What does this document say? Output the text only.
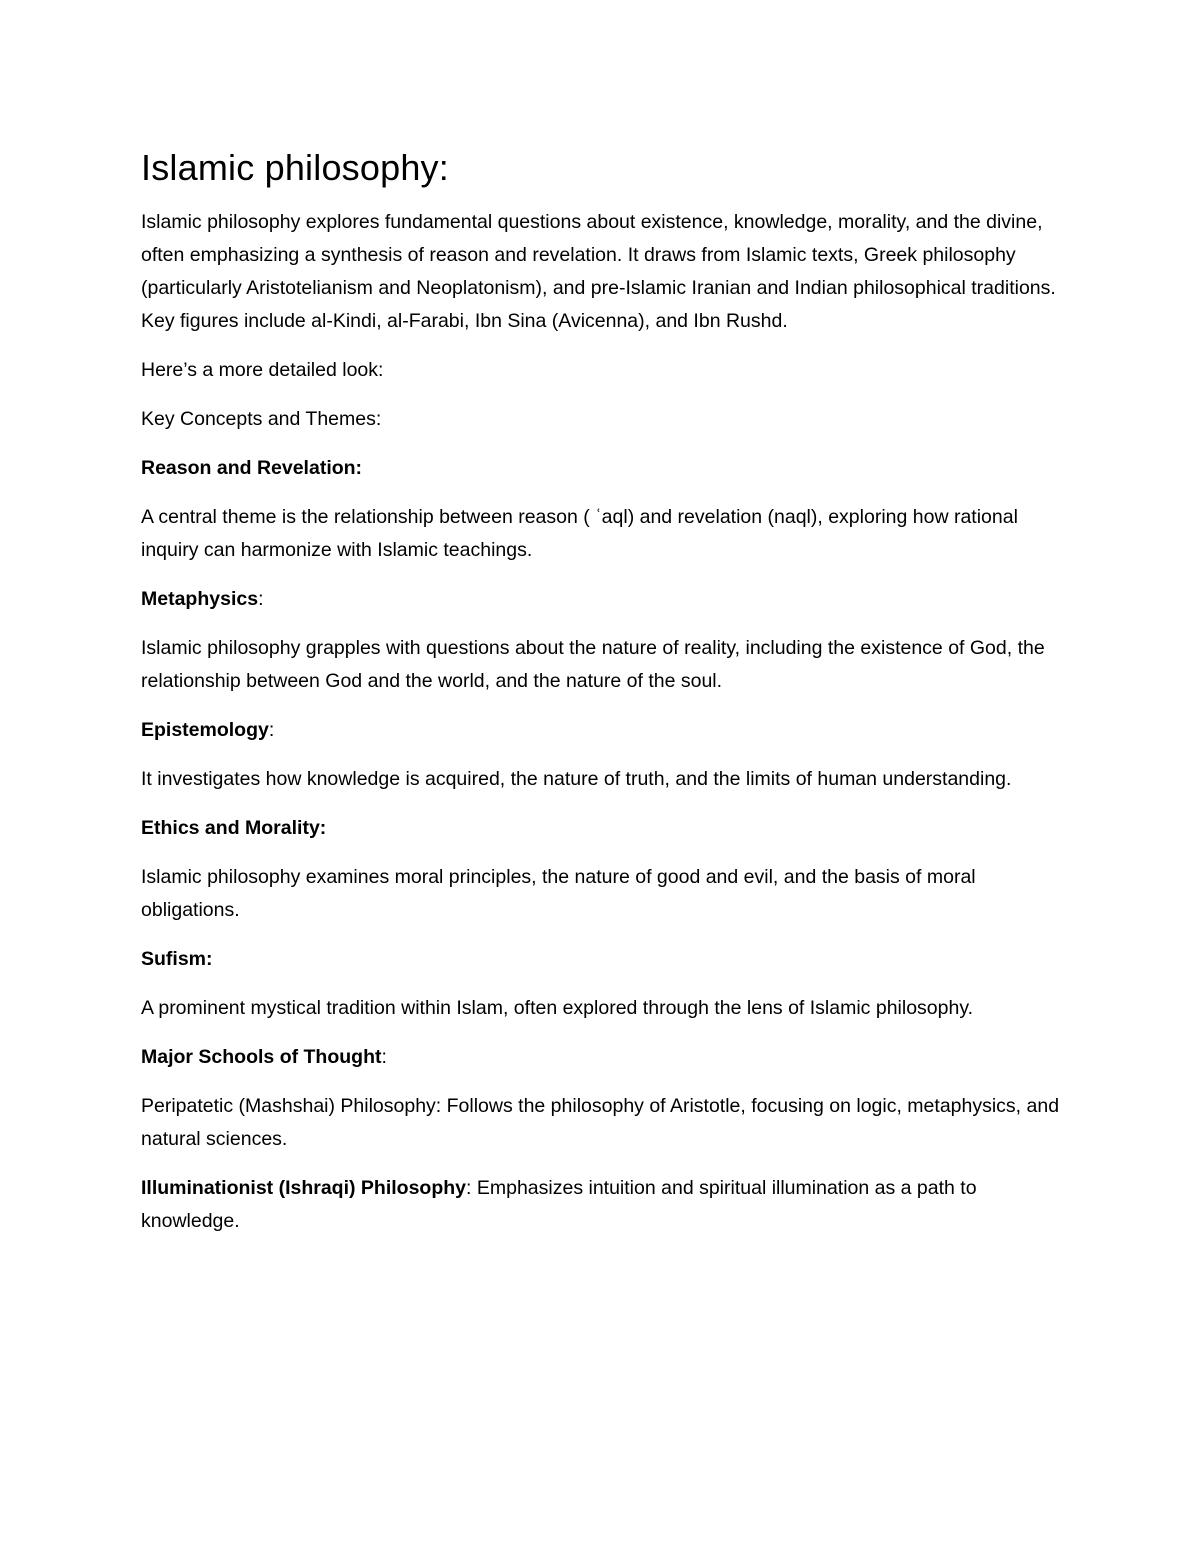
Islamic philosophy:

Islamic philosophy explores fundamental questions about existence, knowledge, morality, and the divine, often emphasizing a synthesis of reason and revelation. It draws from Islamic texts, Greek philosophy (particularly Aristotelianism and Neoplatonism), and pre-Islamic Iranian and Indian philosophical traditions. Key figures include al-Kindi, al-Farabi, Ibn Sina (Avicenna), and Ibn Rushd.

Here’s a more detailed look:

Key Concepts and Themes:

Reason and Revelation:

A central theme is the relationship between reason ( ʿaql) and revelation (naql), exploring how rational inquiry can harmonize with Islamic teachings.

Metaphysics:

Islamic philosophy grapples with questions about the nature of reality, including the existence of God, the relationship between God and the world, and the nature of the soul.

Epistemology:

It investigates how knowledge is acquired, the nature of truth, and the limits of human understanding.

Ethics and Morality:

Islamic philosophy examines moral principles, the nature of good and evil, and the basis of moral obligations.

Sufism:

A prominent mystical tradition within Islam, often explored through the lens of Islamic philosophy.

Major Schools of Thought:

Peripatetic (Mashshai) Philosophy: Follows the philosophy of Aristotle, focusing on logic, metaphysics, and natural sciences.

Illuminationist (Ishraqi) Philosophy: Emphasizes intuition and spiritual illumination as a path to knowledge.
